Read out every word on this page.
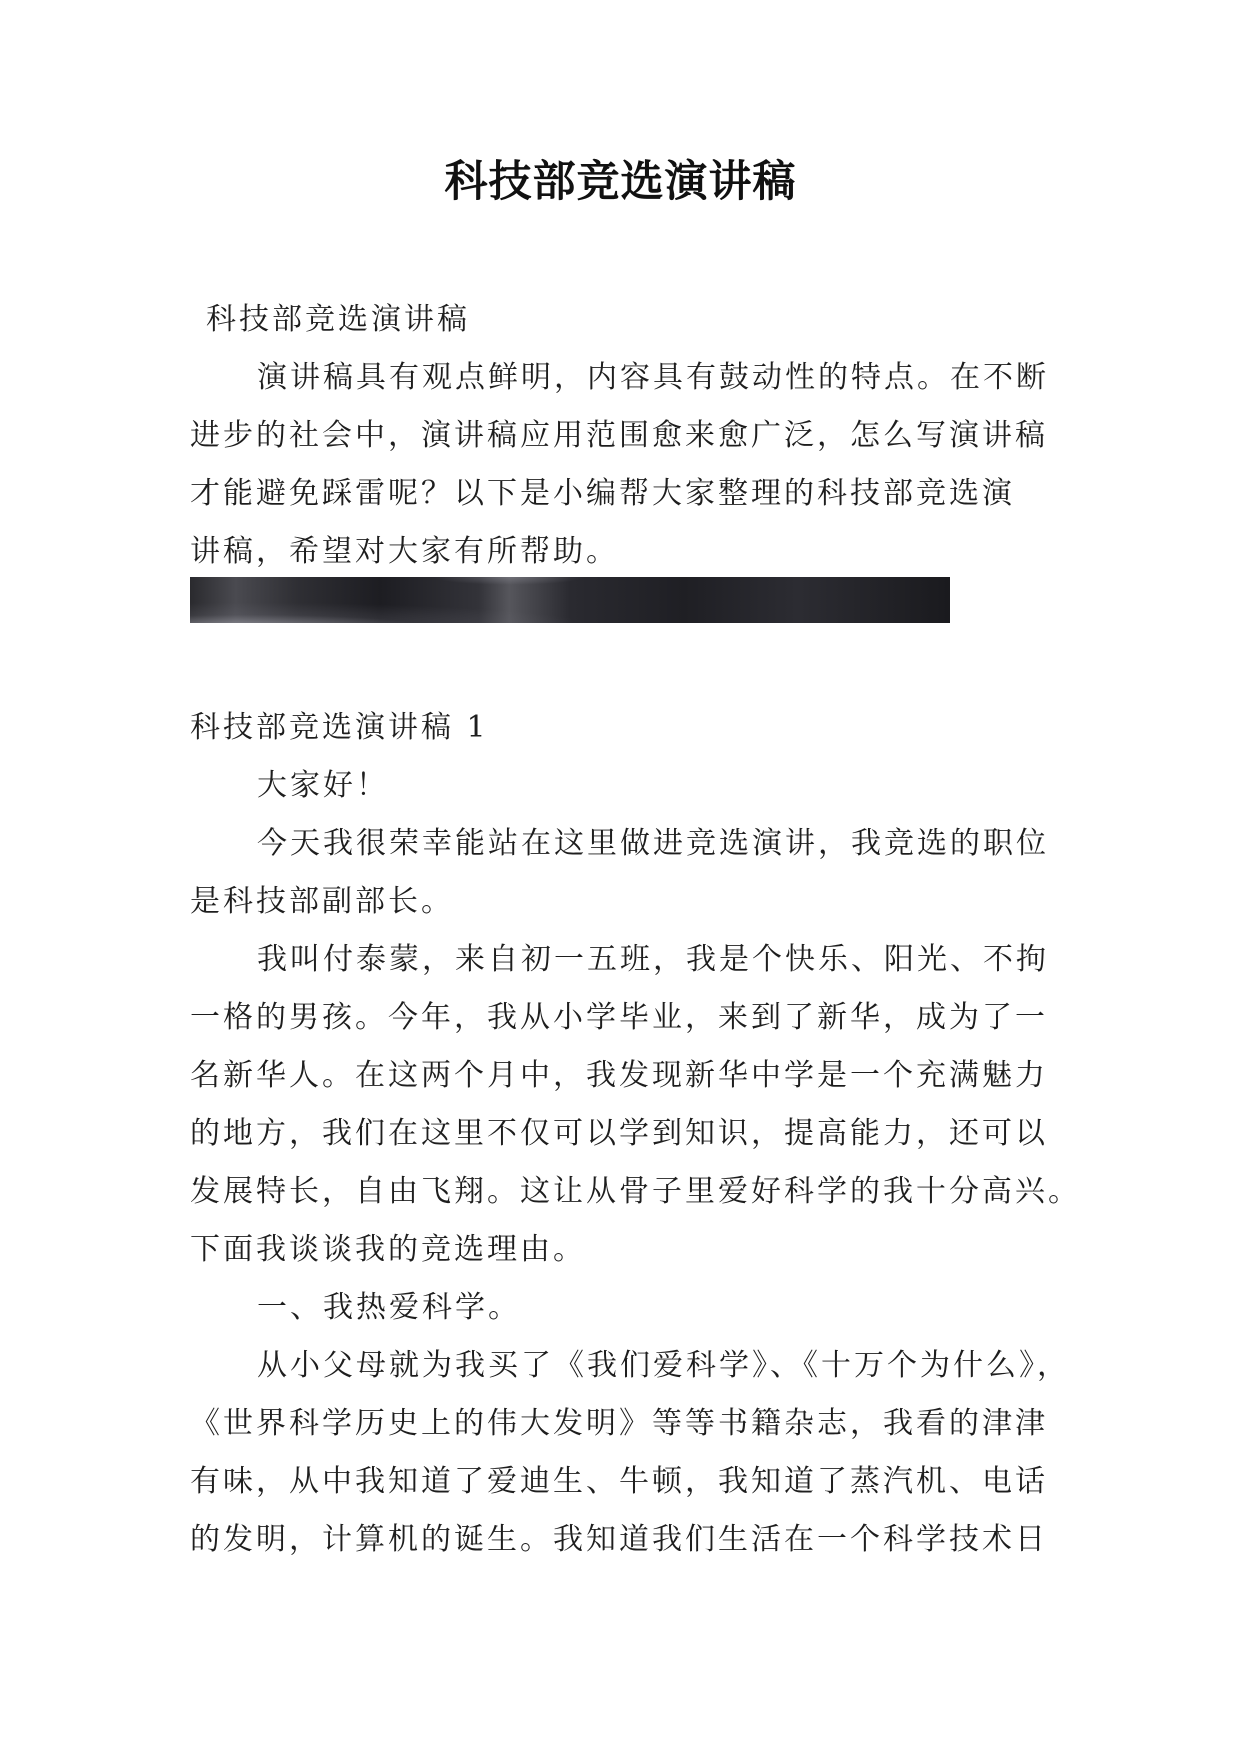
科技部竞选演讲稿
科技部竞选演讲稿
演讲稿具有观点鲜明，内容具有鼓动性的特点。在不断
进步的社会中，演讲稿应用范围愈来愈广泛，怎么写演讲稿
才能避免踩雷呢？以下是小编帮大家整理的科技部竞选演
讲稿，希望对大家有所帮助。
科技部竞选演讲稿 1
大家好！
今天我很荣幸能站在这里做进竞选演讲，我竞选的职位
是科技部副部长。
我叫付泰蒙，来自初一五班，我是个快乐、阳光、不拘
一格的男孩。今年，我从小学毕业，来到了新华，成为了一
名新华人。在这两个月中，我发现新华中学是一个充满魅力
的地方，我们在这里不仅可以学到知识，提高能力，还可以
发展特长，自由飞翔。这让从骨子里爱好科学的我十分高兴。
下面我谈谈我的竞选理由。
一、我热爱科学。
从小父母就为我买了《我们爱科学》、《十万个为什么》，
《世界科学历史上的伟大发明》等等书籍杂志，我看的津津
有味，从中我知道了爱迪生、牛顿，我知道了蒸汽机、电话
的发明，计算机的诞生。我知道我们生活在一个科学技术日
